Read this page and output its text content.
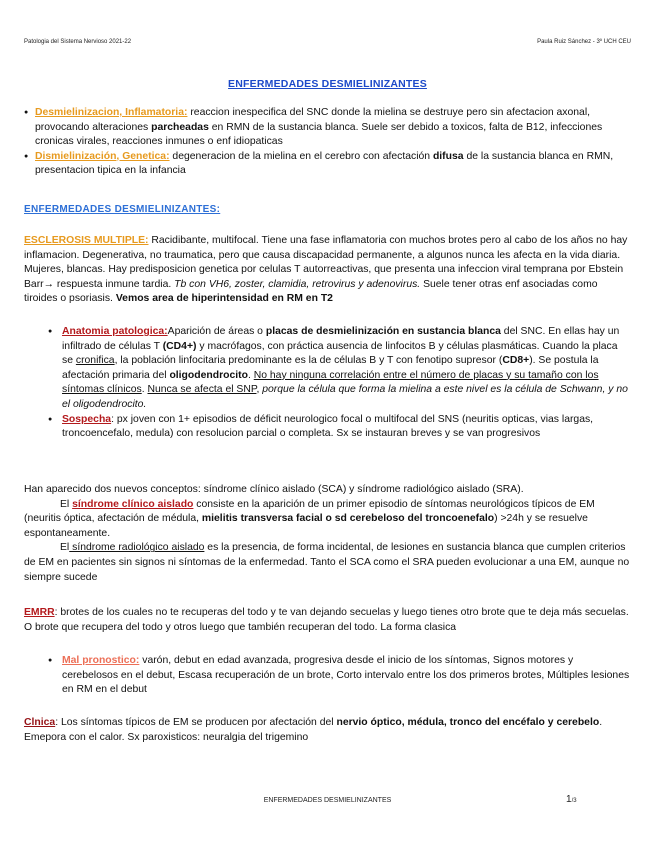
Patologia del Sistema Nervioso 2021-22	Paula Ruiz Sánchez - 3º UCH CEU
ENFERMEDADES DESMIELINIZANTES
● Desmielinizacion, Inflamatoria: reaccion inespecifica del SNC donde la mielina se destruye pero sin afectacion axonal, provocando alteraciones parcheadas en RMN de la sustancia blanca. Suele ser debido a toxicos, falta de B12, infecciones cronicas virales, reacciones inmunes o enf idiopaticas
● Dismielinización, Genetica: degeneracion de la mielina en el cerebro con afectación difusa de la sustancia blanca en RMN, presentacion tipica en la infancia
ENFERMEDADES DESMIELINIZANTES:
ESCLEROSIS MULTIPLE: Racidibante, multifocal. Tiene una fase inflamatoria con muchos brotes pero al cabo de los años no hay inflamacion. Degenerativa, no traumatica, pero que causa discapacidad permanente, a algunos nunca les afecta en la vida diaria. Mujeres, blancas. Hay predisposicion genetica por celulas T autorreactivas, que presenta una infeccion viral temprana por Ebstein Barr→ respuesta inmune tardia. Tb con VH6, zoster, clamidia, retrovirus y adenovirus. Suele tener otras enf asociadas como tiroides o psoriasis. Vemos area de hiperintensidad en RM en T2
● Anatomia patologica:Aparición de áreas o placas de desmielinización en sustancia blanca del SNC. En ellas hay un infiltrado de células T (CD4+) y macrófagos, con práctica ausencia de linfocitos B y células plasmáticas. Cuando la placa se cronifica, la población linfocitaria predominante es la de células B y T con fenotipo supresor (CD8+). Se postula la afectación primaria del oligodendrocito. No hay ninguna correlación entre el número de placas y su tamaño con los síntomas clínicos. Nunca se afecta el SNP, porque la célula que forma la mielina a este nivel es la célula de Schwann, y no el oligodendrocito.
● Sospecha: px joven con 1+ episodios de déficit neurologico focal o multifocal del SNS (neuritis opticas, vias largas, troncoencefalo, medula) con resolucion parcial o completa. Sx se instauran breves y se van progresivos
Han aparecido dos nuevos conceptos: síndrome clínico aislado (SCA) y síndrome radiológico aislado (SRA).
El síndrome clínico aislado consiste en la aparición de un primer episodio de síntomas neurológicos típicos de EM (neuritis óptica, afectación de médula, mielitis transversa facial o sd cerebeloso del troncoenefalo) >24h y se resuelve espontaneamente.
El síndrome radiológico aislado es la presencia, de forma incidental, de lesiones en sustancia blanca que cumplen criterios de EM en pacientes sin signos ni síntomas de la enfermedad. Tanto el SCA como el SRA pueden evolucionar a una EM, aunque no siempre sucede
EMRR: brotes de los cuales no te recuperas del todo y te van dejando secuelas y luego tienes otro brote que te deja más secuelas. O brote que recupera del todo y otros luego que también recuperan del todo. La forma clasica
● Mal pronostico: varón, debut en edad avanzada, progresiva desde el inicio de los síntomas, Signos motores y cerebelosos en el debut, Escasa recuperación de un brote, Corto intervalo entre los dos primeros brotes, Múltiples lesiones en RM en el debut
Clnica: Los síntomas típicos de EM se producen por afectación del nervio óptico, médula, tronco del encéfalo y cerebelo. Emepora con el calor. Sx paroxisticos: neuralgia del trigemino
ENFERMEDADES DESMIELINIZANTES	1/3
